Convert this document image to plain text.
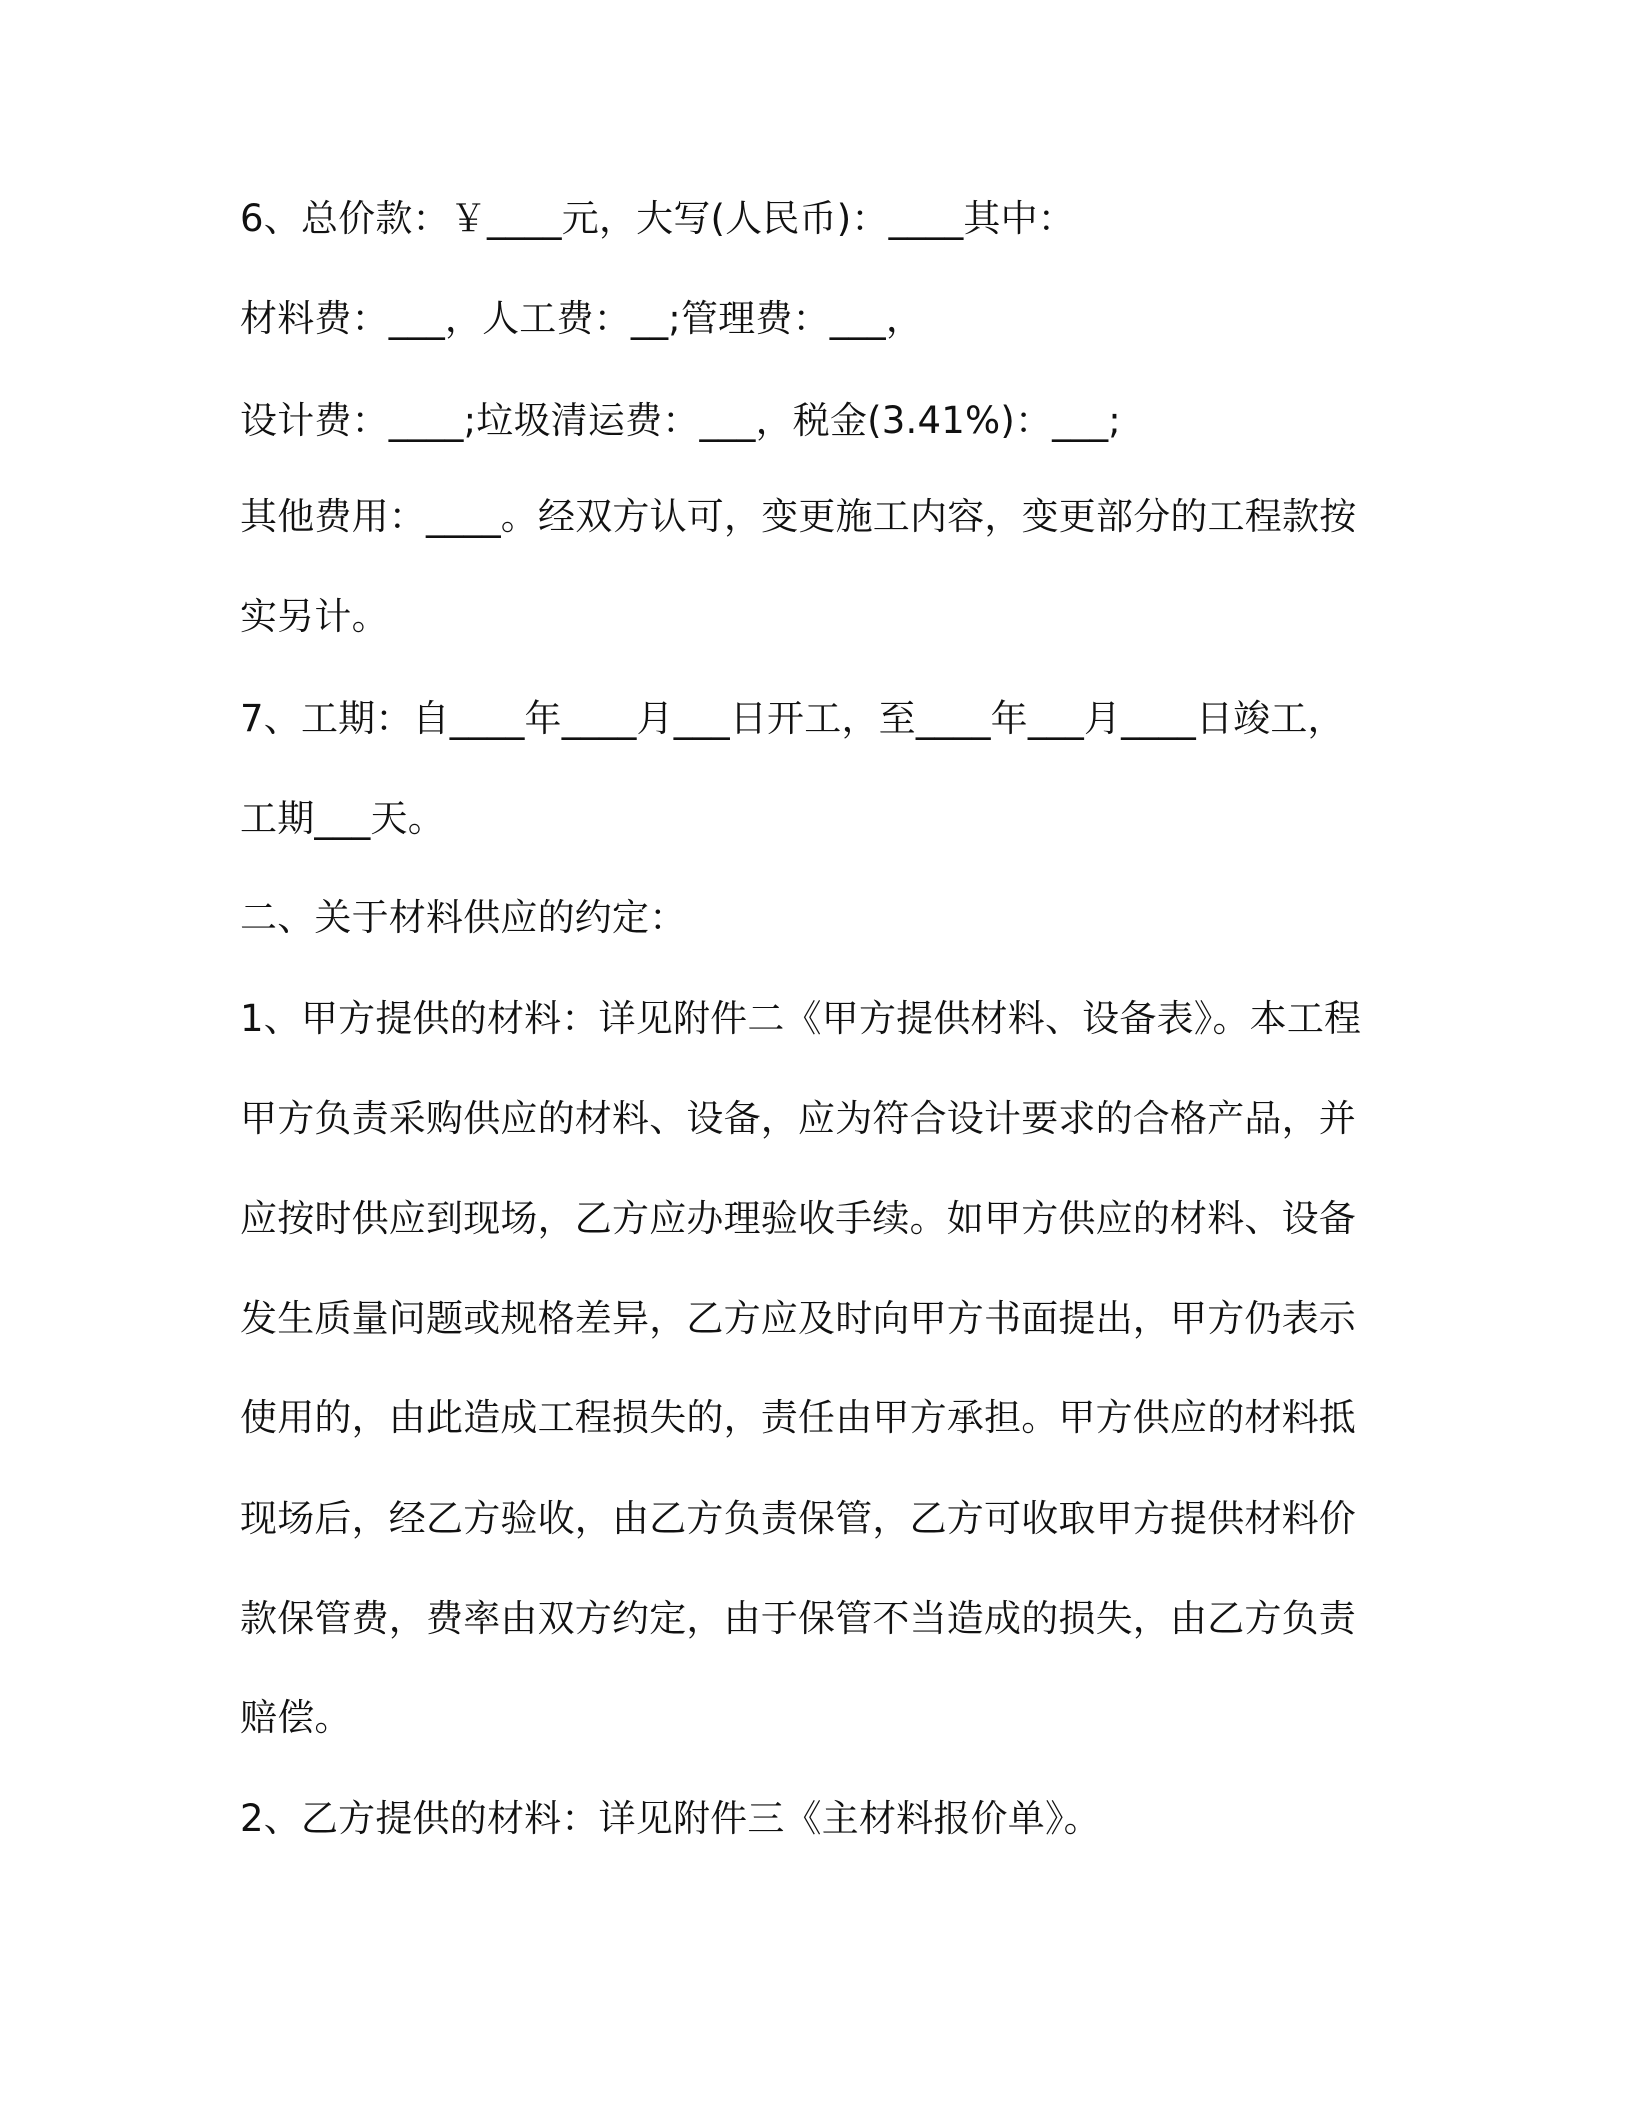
6、总价款：￥____元，大写(人民币)：____其中：
材料费：___，人工费：__;管理费：___，
设计费：____;垃圾清运费：___，税金(3.41%)：___;
其他费用：____。经双方认可，变更施工内容，变更部分的工程款按
实另计。
7、工期：自____年____月___日开工，至____年___月____日竣工，
工期___天。
二、关于材料供应的约定：
1、甲方提供的材料：详见附件二《甲方提供材料、设备表》。本工程
甲方负责采购供应的材料、设备，应为符合设计要求的合格产品，并
应按时供应到现场，乙方应办理验收手续。如甲方供应的材料、设备
发生质量问题或规格差异，乙方应及时向甲方书面提出，甲方仍表示
使用的，由此造成工程损失的，责任由甲方承担。甲方供应的材料抵
现场后，经乙方验收，由乙方负责保管，乙方可收取甲方提供材料价
款保管费，费率由双方约定，由于保管不当造成的损失，由乙方负责
赔偿。
2、乙方提供的材料：详见附件三《主材料报价单》。
